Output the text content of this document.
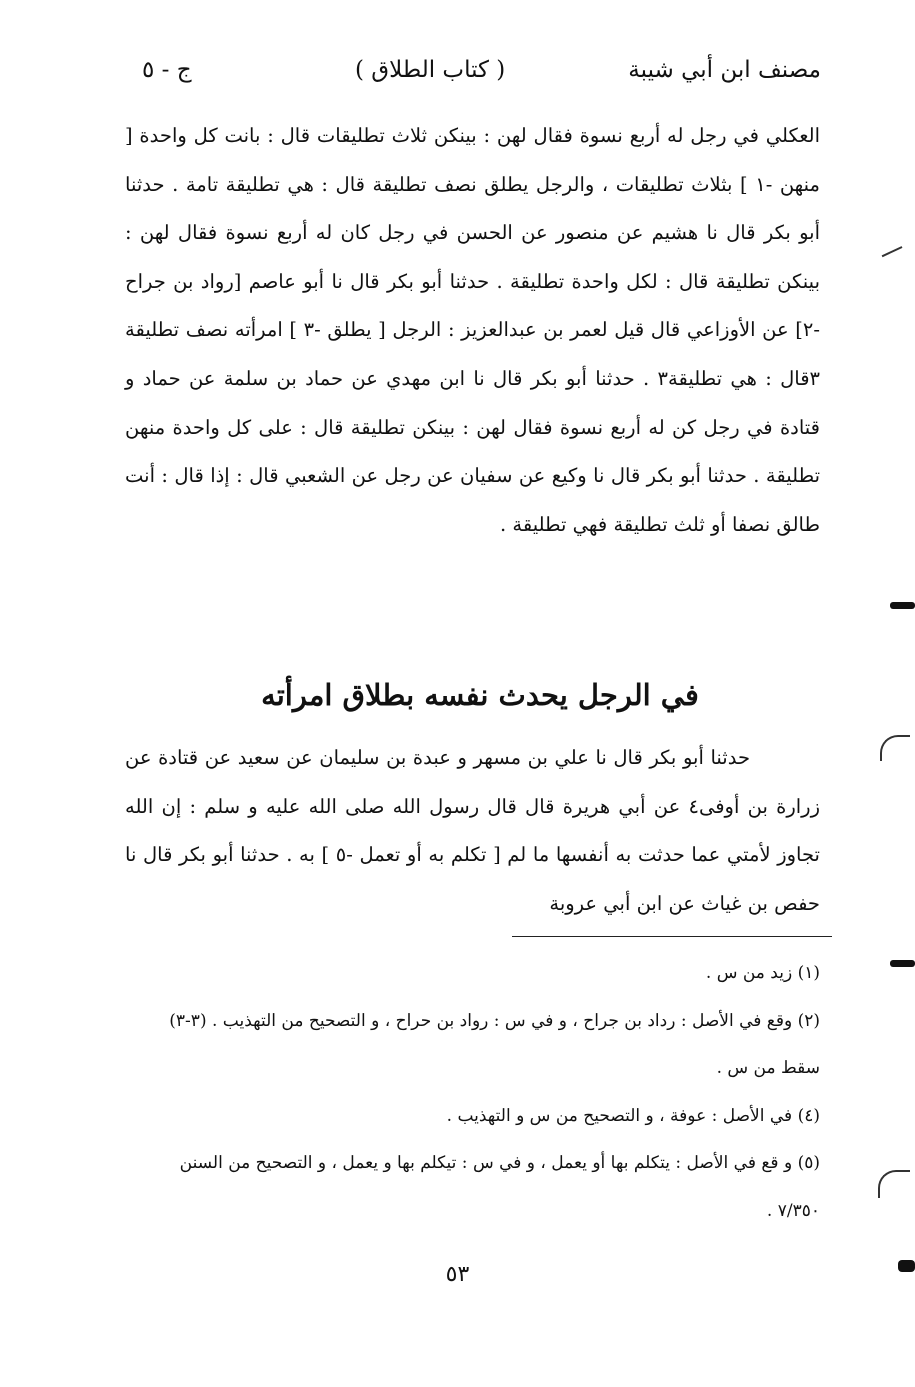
مصنف ابن أبي شيبة
( كتاب الطلاق )
ج - ٥

العكلي في رجل له أربع نسوة فقال لهن : بينكن ثلاث تطليقات قال : بانت كل واحدة [ منهن -١ ] بثلاث تطليقات ، والرجل يطلق نصف تطليقة قال : هي تطليقة تامة . حدثنا أبو بكر قال نا هشيم عن منصور عن الحسن في رجل كان له أربع نسوة فقال لهن : بينكن تطليقة قال : لكل واحدة تطليقة . حدثنا أبو بكر قال نا أبو عاصم [رواد بن جراح -٢] عن الأوزاعي قال قيل لعمر بن عبدالعزيز : الرجل [ يطلق -٣ ] امرأته نصف تطليقة ٣قال : هي تطليقة٣ . حدثنا أبو بكر قال نا ابن مهدي عن حماد بن سلمة عن حماد و قتادة في رجل كن له أربع نسوة فقال لهن : بينكن تطليقة قال : على كل واحدة منهن تطليقة . حدثنا أبو بكر قال نا وكيع عن سفيان عن رجل عن الشعبي قال : إذا قال : أنت طالق نصفا أو ثلث تطليقة فهي تطليقة .

في الرجل يحدث نفسه بطلاق امرأته

حدثنا أبو بكر قال نا علي بن مسهر و عبدة بن سليمان عن سعيد عن قتادة عن زرارة بن أوفى٤ عن أبي هريرة قال قال رسول الله صلى الله عليه و سلم : إن الله تجاوز لأمتي عما حدثت به أنفسها ما لم [ تكلم به أو تعمل -٥ ] به . حدثنا أبو بكر قال نا حفص بن غياث عن ابن أبي عروبة

(١) زيد من س .

(٢) وقع في الأصل : رداد بن جراح ، و في س : رواد بن حراح ، و التصحيح من التهذيب . (٣-٣) سقط من س .

(٤) في الأصل : عوفة ، و التصحيح من س و التهذيب .

(٥) و قع في الأصل : يتكلم بها أو يعمل ، و في س : تيكلم بها و يعمل ، و التصحيح من السنن ٧/٣٥٠ .

٥٣
